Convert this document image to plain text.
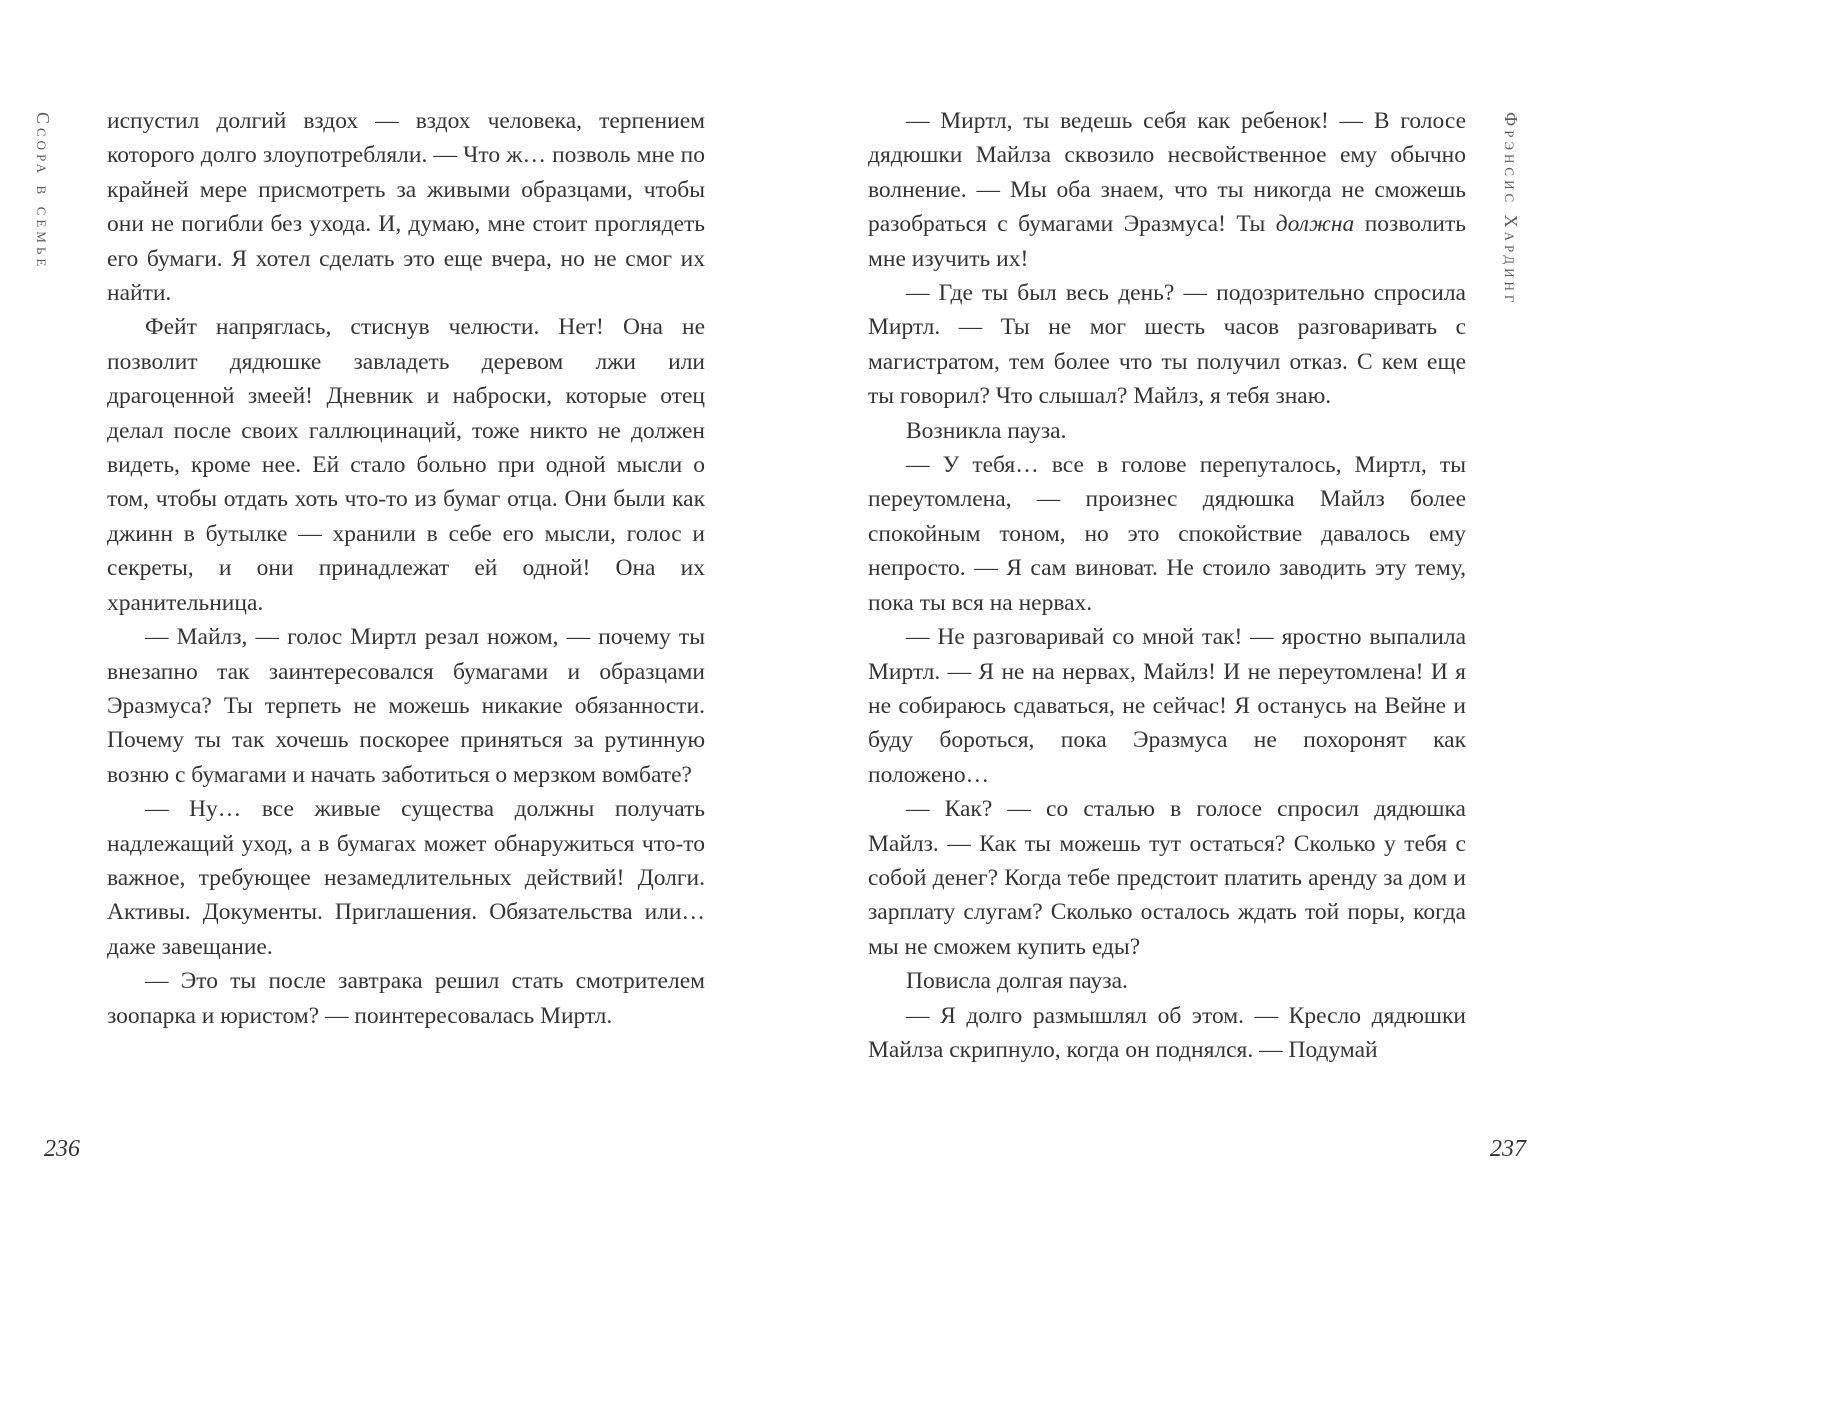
Ссора в семье испустил долгий вздох — вздох человека, терпением которого долго злоупотребляли. — Что ж… позволь мне по крайней мере присмотреть за живыми образцами, чтобы они не погибли без ухода. И, думаю, мне стоит проглядеть его бумаги. Я хотел сделать это еще вчера, но не смог их найти.

Фейт напряглась, стиснув челюсти. Нет! Она не позволит дядюшке завладеть деревом лжи или драгоценной змеей! Дневник и наброски, которые отец делал после своих галлюцинаций, тоже никто не должен видеть, кроме нее. Ей стало больно при одной мысли о том, чтобы отдать хоть что-то из бумаг отца. Они были как джинн в бутылке — хранили в себе его мысли, голос и секреты, и они принадлежат ей одной! Она их хранительница.

— Майлз, — голос Миртл резал ножом, — почему ты внезапно так заинтересовался бумагами и образцами Эразмуса? Ты терпеть не можешь никакие обязанности. Почему ты так хочешь поскорее приняться за рутинную возню с бумагами и начать заботиться о мерзком вомбате?

— Ну… все живые существа должны получать надлежащий уход, а в бумагах может обнаружиться что-то важное, требующее незамедлительных действий! Долги. Активы. Документы. Приглашения. Обязательства или… даже завещание.

— Это ты после завтрака решил стать смотрителем зоопарка и юристом? — поинтересовалась Миртл.

236
Фрэнсис Хардинг

— Миртл, ты ведешь себя как ребенок! — В голосе дядюшки Майлза сквозило несвойственное ему обычно волнение. — Мы оба знаем, что ты никогда не сможешь разобраться с бумагами Эразмуса! Ты должна позволить мне изучить их!

— Где ты был весь день? — подозрительно спросила Миртл. — Ты не мог шесть часов разговаривать с магистратом, тем более что ты получил отказ. С кем еще ты говорил? Что слышал? Майлз, я тебя знаю.

Возникла пауза.

— У тебя… все в голове перепуталось, Миртл, ты переутомлена, — произнес дядюшка Майлз более спокойным тоном, но это спокойствие давалось ему непросто. — Я сам виноват. Не стоило заводить эту тему, пока ты вся на нервах.

— Не разговаривай со мной так! — яростно выпалила Миртл. — Я не на нервах, Майлз! И не переутомлена! И я не собираюсь сдаваться, не сейчас! Я останусь на Вейне и буду бороться, пока Эразмуса не похоронят как положено…

— Как? — со сталью в голосе спросил дядюшка Майлз. — Как ты можешь тут остаться? Сколько у тебя с собой денег? Когда тебе предстоит платить аренду за дом и зарплату слугам? Сколько осталось ждать той поры, когда мы не сможем купить еды?

Повисла долгая пауза.

— Я долго размышлял об этом. — Кресло дядюшки Майлза скрипнуло, когда он поднялся. — Подумай

237
